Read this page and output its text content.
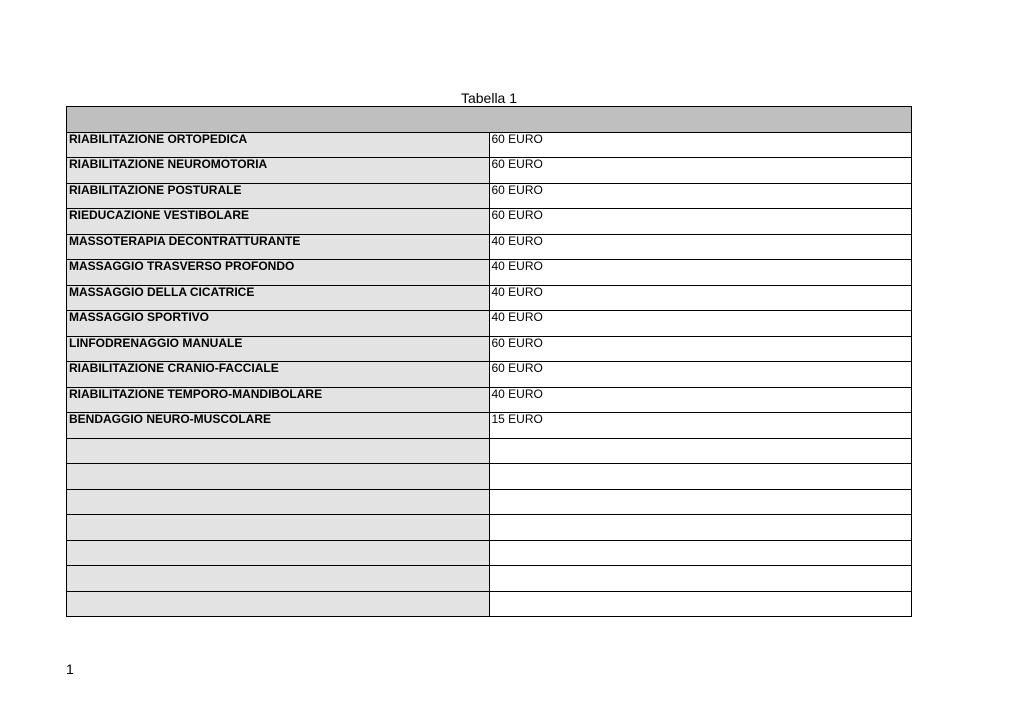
Tabella 1

RIABILITAZIONE ORTOPEDICA	60 EURO
RIABILITAZIONE NEUROMOTORIA	60 EURO
RIABILITAZIONE POSTURALE	60 EURO
RIEDUCAZIONE VESTIBOLARE	60 EURO
MASSOTERAPIA DECONTRATTURANTE	40 EURO
MASSAGGIO TRASVERSO PROFONDO	40 EURO
MASSAGGIO DELLA CICATRICE	40 EURO
MASSAGGIO SPORTIVO	40 EURO
LINFODRENAGGIO MANUALE	60 EURO
RIABILITAZIONE CRANIO-FACCIALE	60 EURO
RIABILITAZIONE TEMPORO-MANDIBOLARE	40 EURO
BENDAGGIO NEURO-MUSCOLARE	15 EURO

1
